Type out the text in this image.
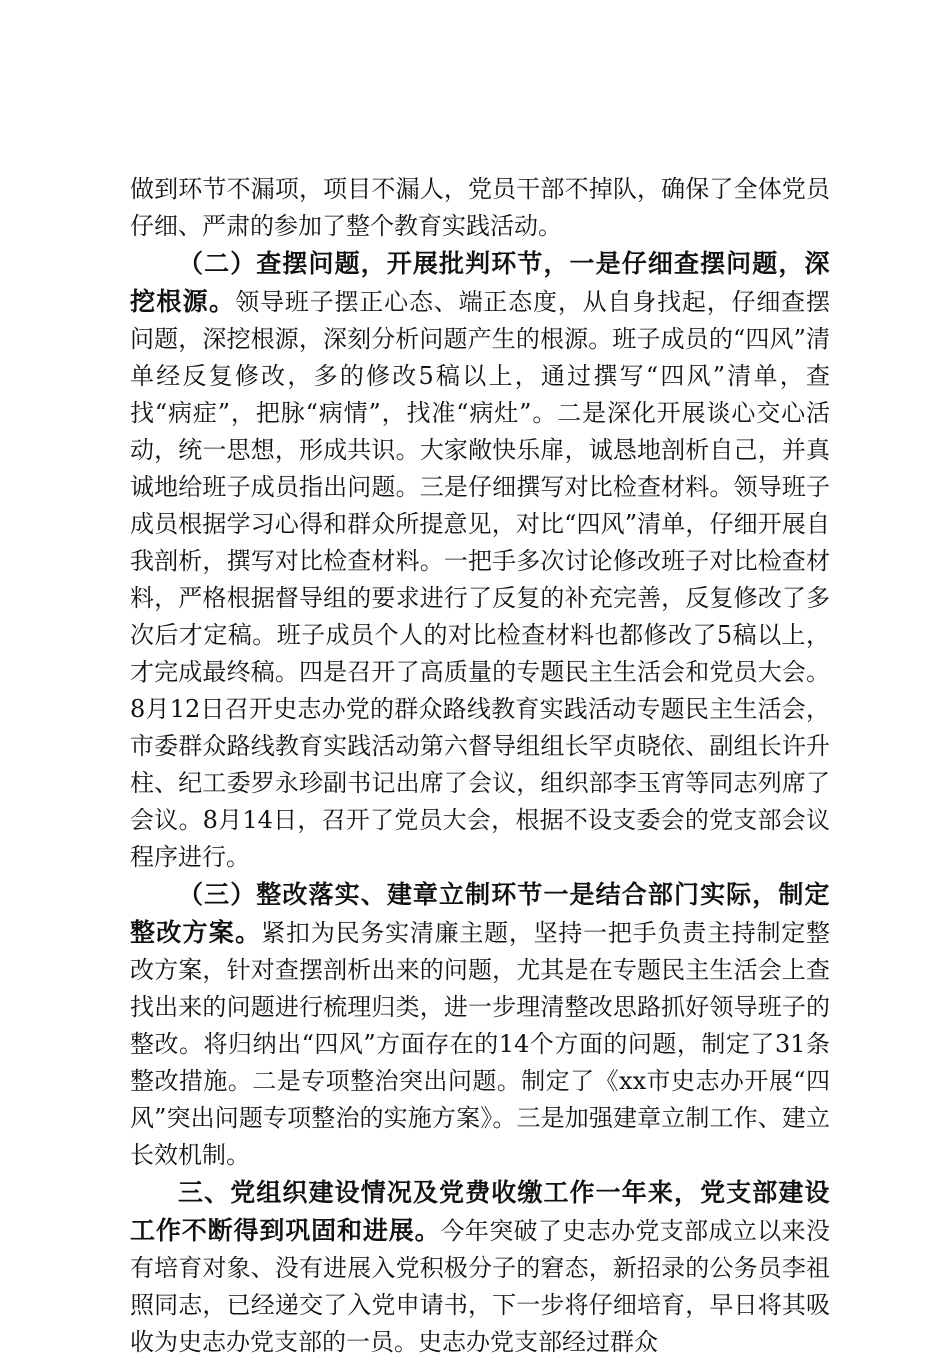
做到环节不漏项，项目不漏人，党员干部不掉队，确保了全体党员仔细、严肃的参加了整个教育实践活动。

（二）查摆问题，开展批判环节，一是仔细查摆问题，深挖根源。领导班子摆正心态、端正态度，从自身找起，仔细查摆问题，深挖根源，深刻分析问题产生的根源。班子成员的“四风”清单经反复修改，多的修改5稿以上，通过撰写“四风”清单，查找“病症”，把脉“病情”，找准“病灶”。二是深化开展谈心交心活动，统一思想，形成共识。大家敞快乐扉，诚恳地剖析自己，并真诚地给班子成员指出问题。三是仔细撰写对比检查材料。领导班子成员根据学习心得和群众所提意见，对比“四风”清单，仔细开展自我剖析，撰写对比检查材料。一把手多次讨论修改班子对比检查材料，严格根据督导组的要求进行了反复的补充完善，反复修改了多次后才定稿。班子成员个人的对比检查材料也都修改了5稿以上，才完成最终稿。四是召开了高质量的专题民主生活会和党员大会。8月12日召开史志办党的群众路线教育实践活动专题民主生活会，市委群众路线教育实践活动第六督导组组长罕贞晓依、副组长许升柱、纪工委罗永珍副书记出席了会议，组织部李玉宵等同志列席了会议。8月14日，召开了党员大会，根据不设支委会的党支部会议程序进行。

（三）整改落实、建章立制环节一是结合部门实际，制定整改方案。紧扣为民务实清廉主题，坚持一把手负责主持制定整改方案，针对查摆剖析出来的问题，尤其是在专题民主生活会上查找出来的问题进行梳理归类，进一步理清整改思路抓好领导班子的整改。将归纳出“四风”方面存在的14个方面的问题，制定了31条整改措施。二是专项整治突出问题。制定了《xx市史志办开展“四风”突出问题专项整治的实施方案》。三是加强建章立制工作、建立长效机制。

三、党组织建设情况及党费收缴工作一年来，党支部建设工作不断得到巩固和进展。今年突破了史志办党支部成立以来没有培育对象、没有进展入党积极分子的窘态，新招录的公务员李祖照同志，已经递交了入党申请书，下一步将仔细培育，早日将其吸收为史志办党支部的一员。史志办党支部经过群众
